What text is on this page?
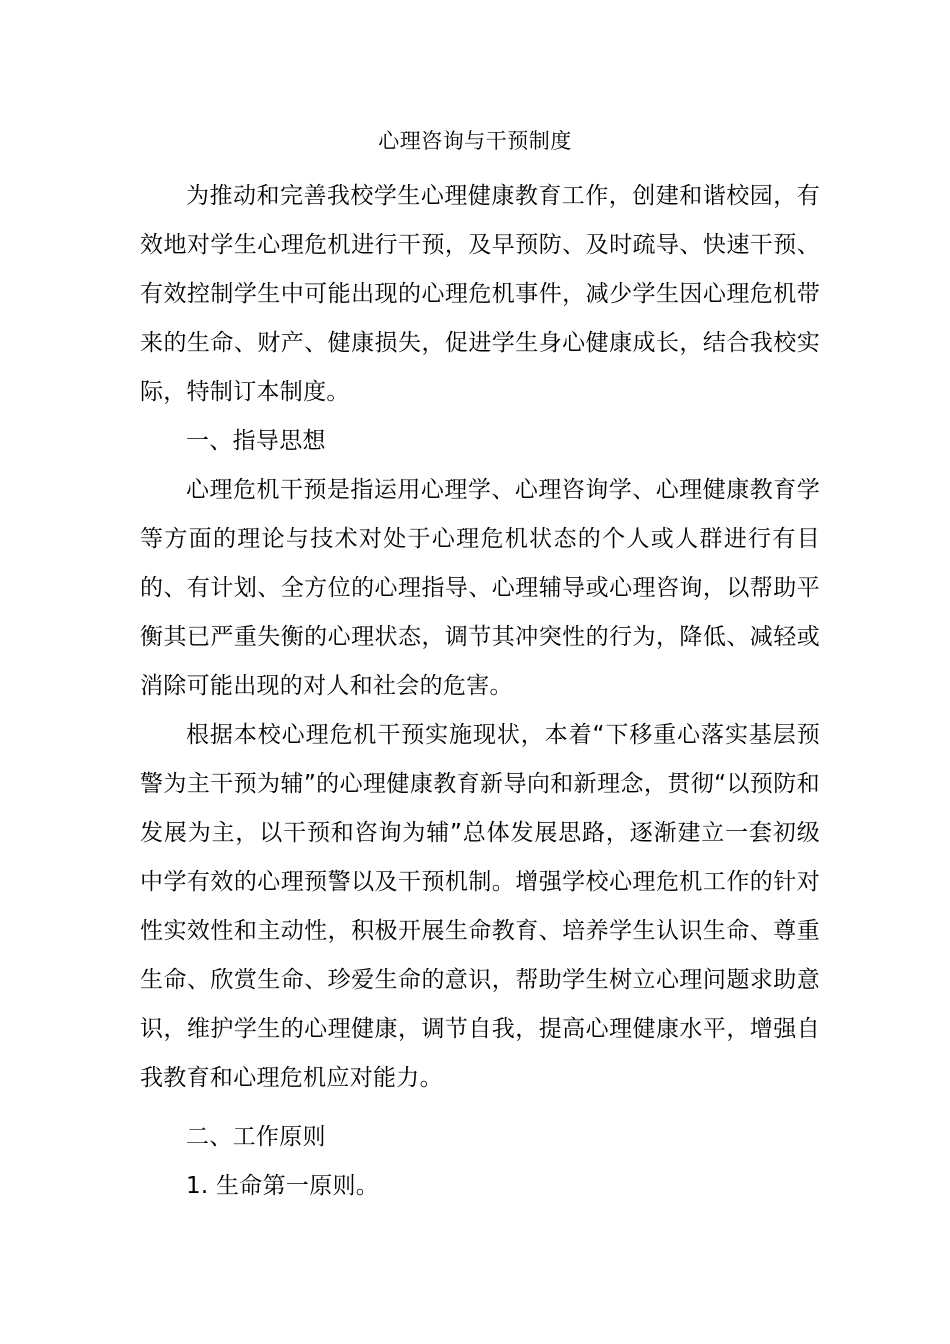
心理咨询与干预制度

为推动和完善我校学生心理健康教育工作，创建和谐校园，有效地对学生心理危机进行干预，及早预防、及时疏导、快速干预、有效控制学生中可能出现的心理危机事件，减少学生因心理危机带来的生命、财产、健康损失，促进学生身心健康成长，结合我校实际，特制订本制度。

一、指导思想

心理危机干预是指运用心理学、心理咨询学、心理健康教育学等方面的理论与技术对处于心理危机状态的个人或人群进行有目的、有计划、全方位的心理指导、心理辅导或心理咨询，以帮助平衡其已严重失衡的心理状态，调节其冲突性的行为，降低、减轻或消除可能出现的对人和社会的危害。

根据本校心理危机干预实施现状，本着“下移重心落实基层预警为主干预为辅”的心理健康教育新导向和新理念，贯彻“以预防和发展为主，以干预和咨询为辅”总体发展思路，逐渐建立一套初级中学有效的心理预警以及干预机制。增强学校心理危机工作的针对性实效性和主动性，积极开展生命教育、培养学生认识生命、尊重生命、欣赏生命、珍爱生命的意识，帮助学生树立心理问题求助意识，维护学生的心理健康，调节自我，提高心理健康水平，增强自我教育和心理危机应对能力。

二、工作原则

1. 生命第一原则。
